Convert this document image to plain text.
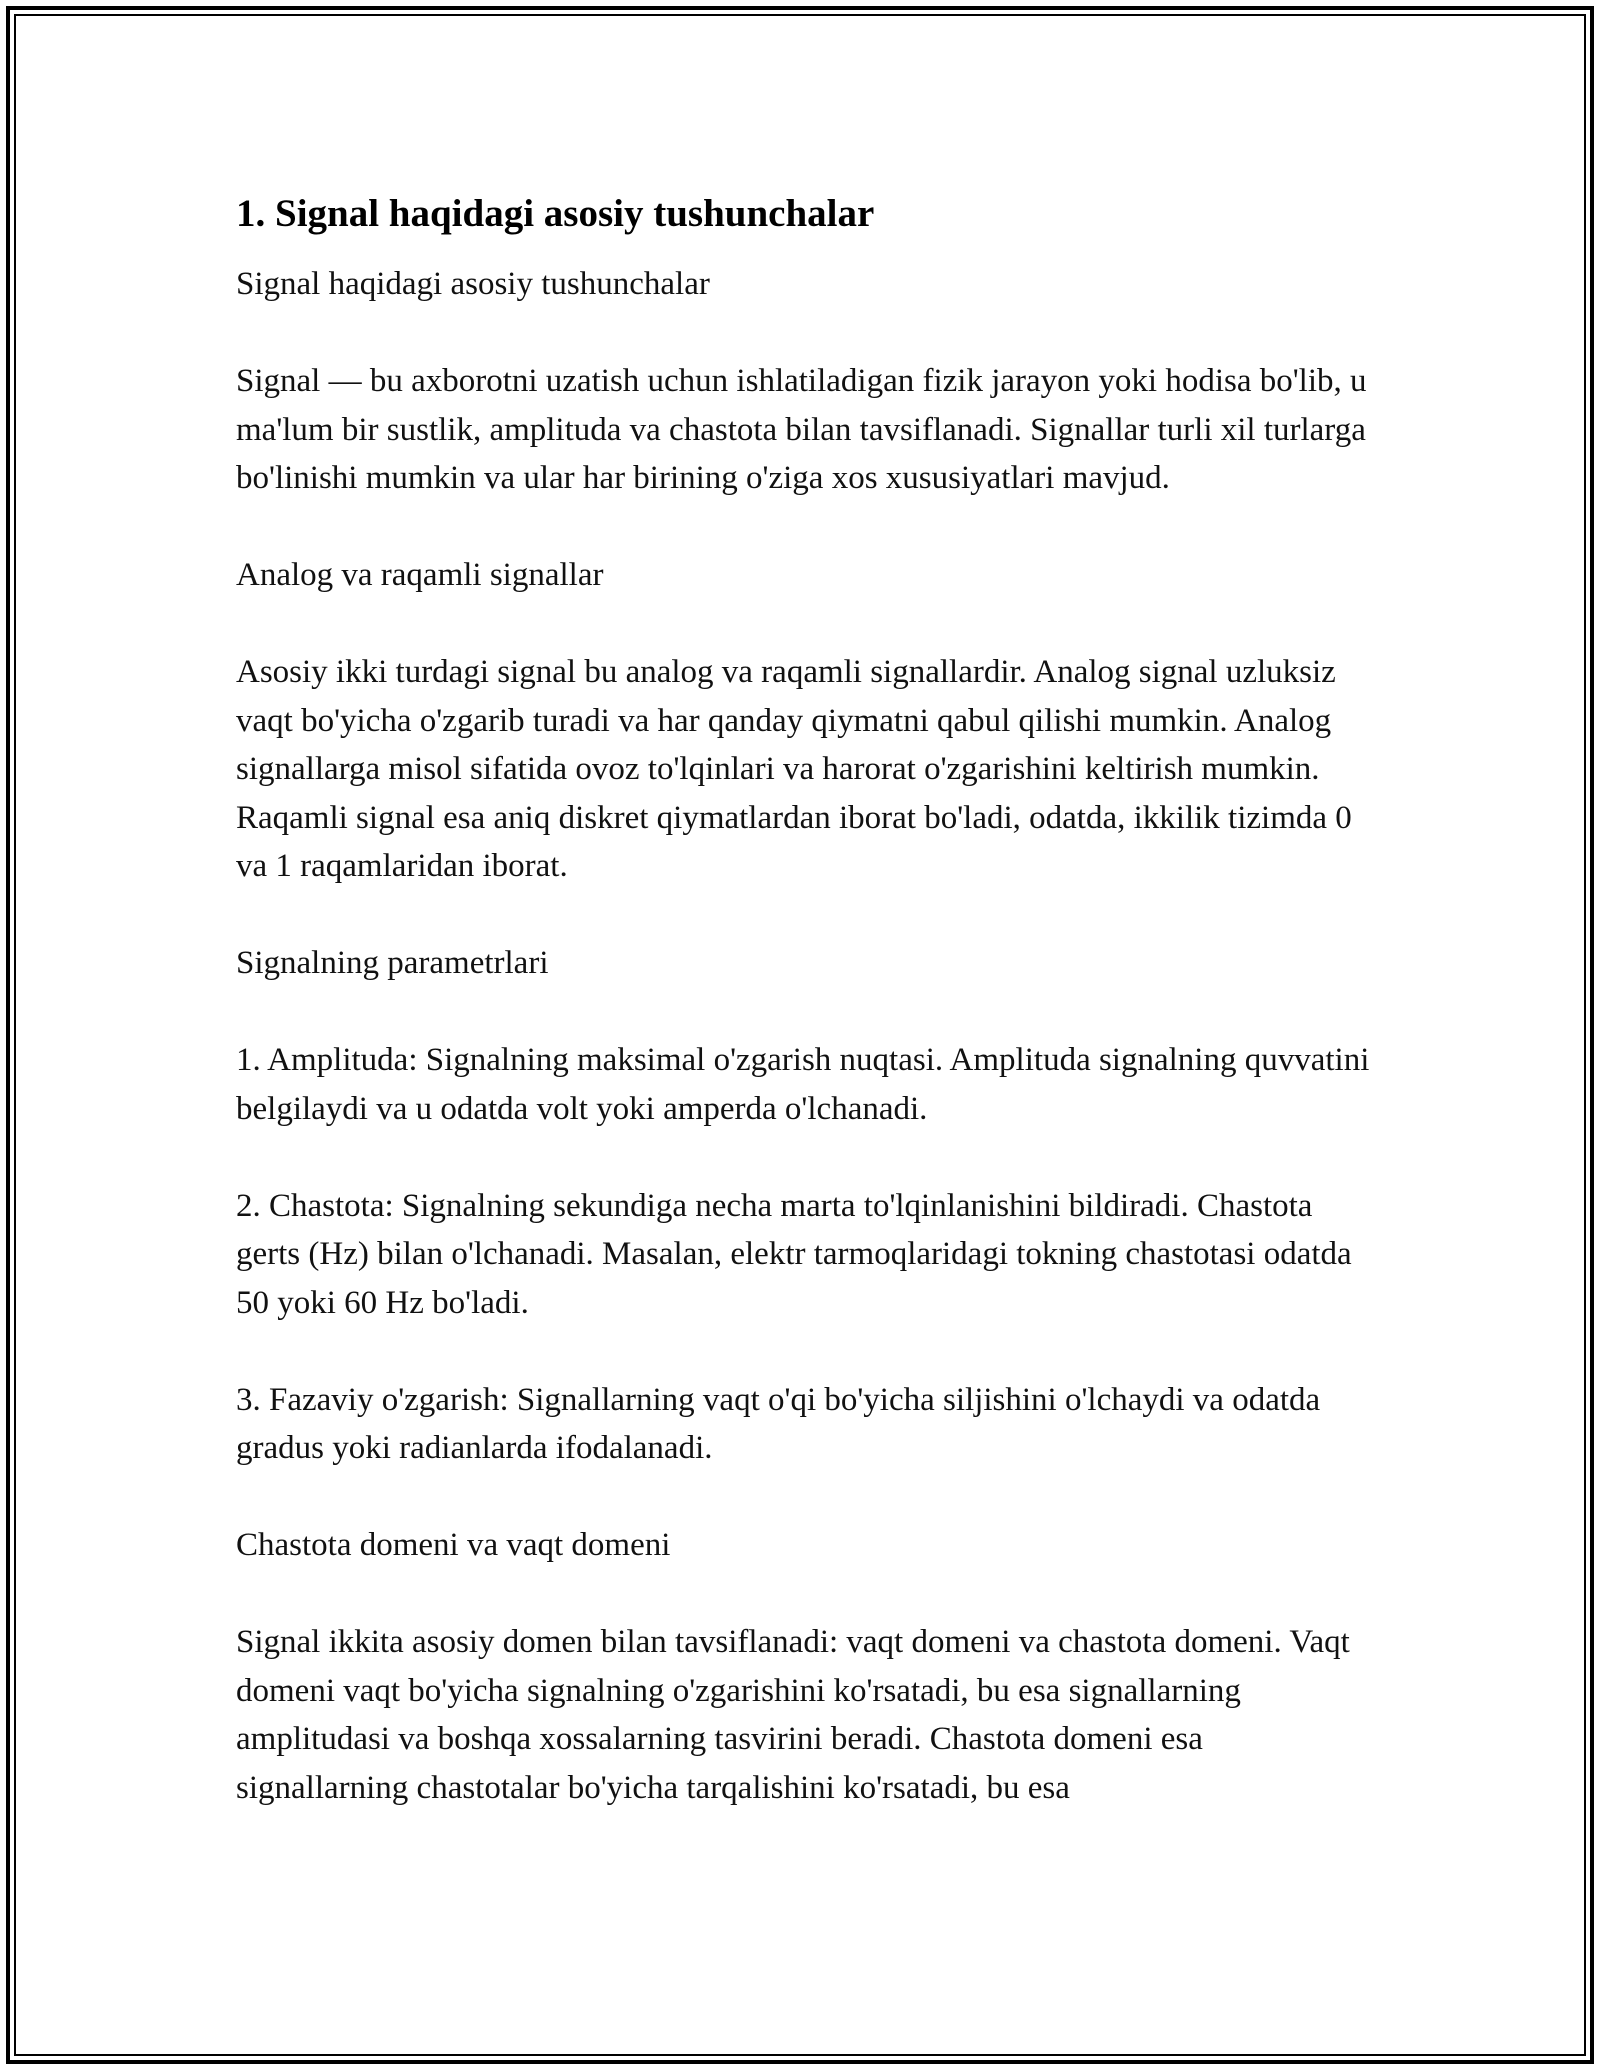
1. Signal haqidagi asosiy tushunchalar

Signal haqidagi asosiy tushunchalar

Signal — bu axborotni uzatish uchun ishlatiladigan fizik jarayon yoki hodisa bo'lib, u ma'lum bir sustlik, amplituda va chastota bilan tavsiflanadi. Signallar turli xil turlarga bo'linishi mumkin va ular har birining o'ziga xos xususiyatlari mavjud.

Analog va raqamli signallar

Asosiy ikki turdagi signal bu analog va raqamli signallardir. Analog signal uzluksiz vaqt bo'yicha o'zgarib turadi va har qanday qiymatni qabul qilishi mumkin. Analog signallarga misol sifatida ovoz to'lqinlari va harorat o'zgarishini keltirish mumkin. Raqamli signal esa aniq diskret qiymatlardan iborat bo'ladi, odatda, ikkilik tizimda 0 va 1 raqamlaridan iborat.

Signalning parametrlari

1. Amplituda: Signalning maksimal o'zgarish nuqtasi. Amplituda signalning quvvatini belgilaydi va u odatda volt yoki amperda o'lchanadi.

2. Chastota: Signalning sekundiga necha marta to'lqinlanishini bildiradi. Chastota gerts (Hz) bilan o'lchanadi. Masalan, elektr tarmoqlaridagi tokning chastotasi odatda 50 yoki 60 Hz bo'ladi.

3. Fazaviy o'zgarish: Signallarning vaqt o'qi bo'yicha siljishini o'lchaydi va odatda gradus yoki radianlarda ifodalanadi.

Chastota domeni va vaqt domeni

Signal ikkita asosiy domen bilan tavsiflanadi: vaqt domeni va chastota domeni. Vaqt domeni vaqt bo'yicha signalning o'zgarishini ko'rsatadi, bu esa signallarning amplitudasi va boshqa xossalarning tasvirini beradi. Chastota domeni esa signallarning chastotalar bo'yicha tarqalishini ko'rsatadi, bu esa
